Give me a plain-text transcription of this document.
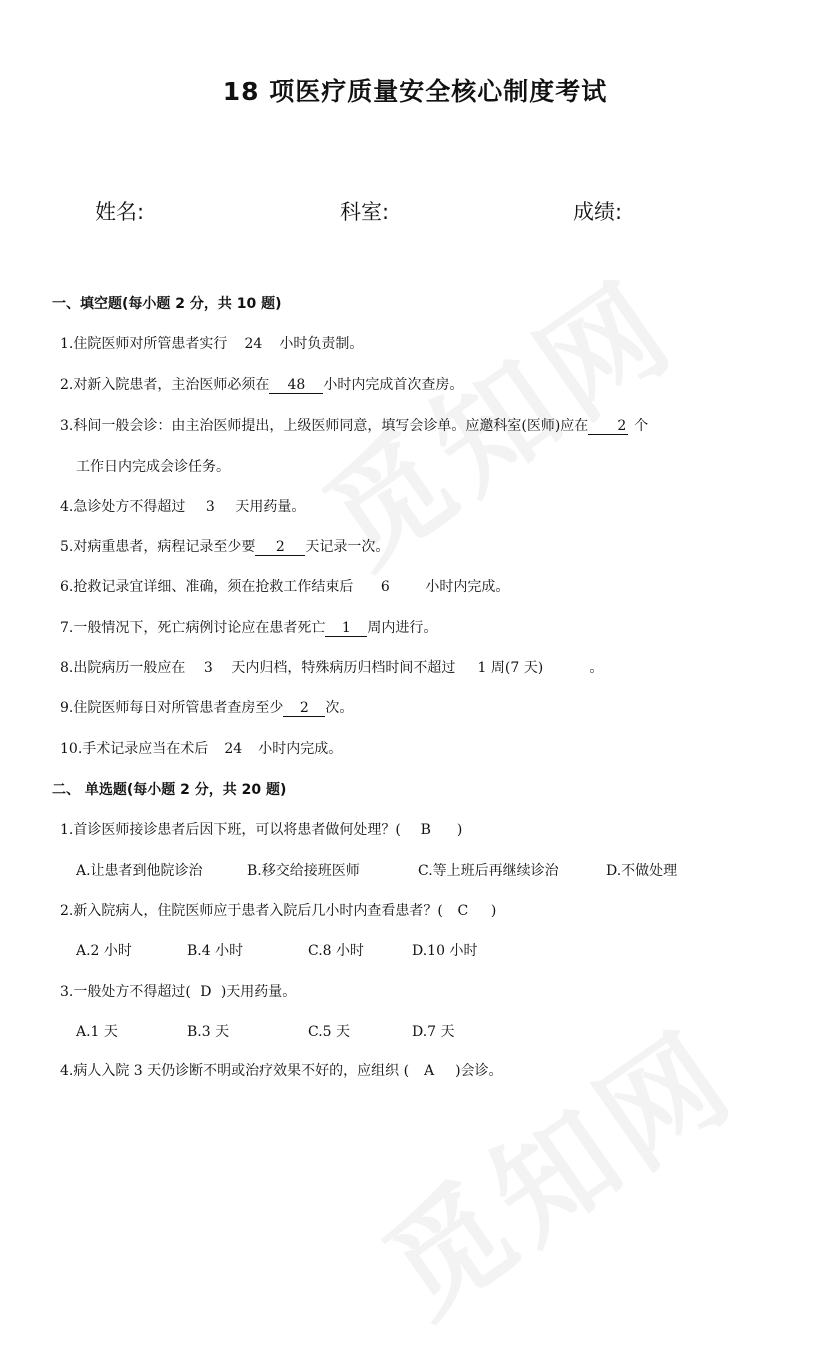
18 项医疗质量安全核心制度考试
姓名:	科室:	成绩:
一、填空题(每小题 2 分，共 10 题)
1.住院医师对所管患者实行 24 小时负责制。
2.对新入院患者，主治医师必须在 48 小时内完成首次查房。
3.科间一般会诊：由主治医师提出，上级医师同意，填写会诊单。应邀科室(医师)应在 2 个
工作日内完成会诊任务。
4.急诊处方不得超过 3 天用药量。
5.对病重患者，病程记录至少要 2 天记录一次。
6.抢救记录宜详细、准确，须在抢救工作结束后 6	小时内完成。
7.一般情况下，死亡病例讨论应在患者死亡 1 周内进行。
8.出院病历一般应在 3 天内归档，特殊病历归档时间不超过 1 周(7 天)	。
9.住院医师每日对所管患者查房至少 2 次。
10.手术记录应当在术后 24 小时内完成。
二、 单选题(每小题 2 分，共 20 题)
1.首诊医师接诊患者后因下班，可以将患者做何处理？( B )
A.让患者到他院诊治	B.移交给接班医师	C.等上班后再继续诊治	D.不做处理
2.新入院病人，住院医师应于患者入院后几小时内查看患者？( C )
A.2 小时	B.4 小时	C.8 小时	D.10 小时
3.一般处方不得超过( D )天用药量。
A.1 天	B.3 天	C.5 天	D.7 天
4.病人入院 3 天仍诊断不明或治疗效果不好的，应组织 ( A )会诊。
